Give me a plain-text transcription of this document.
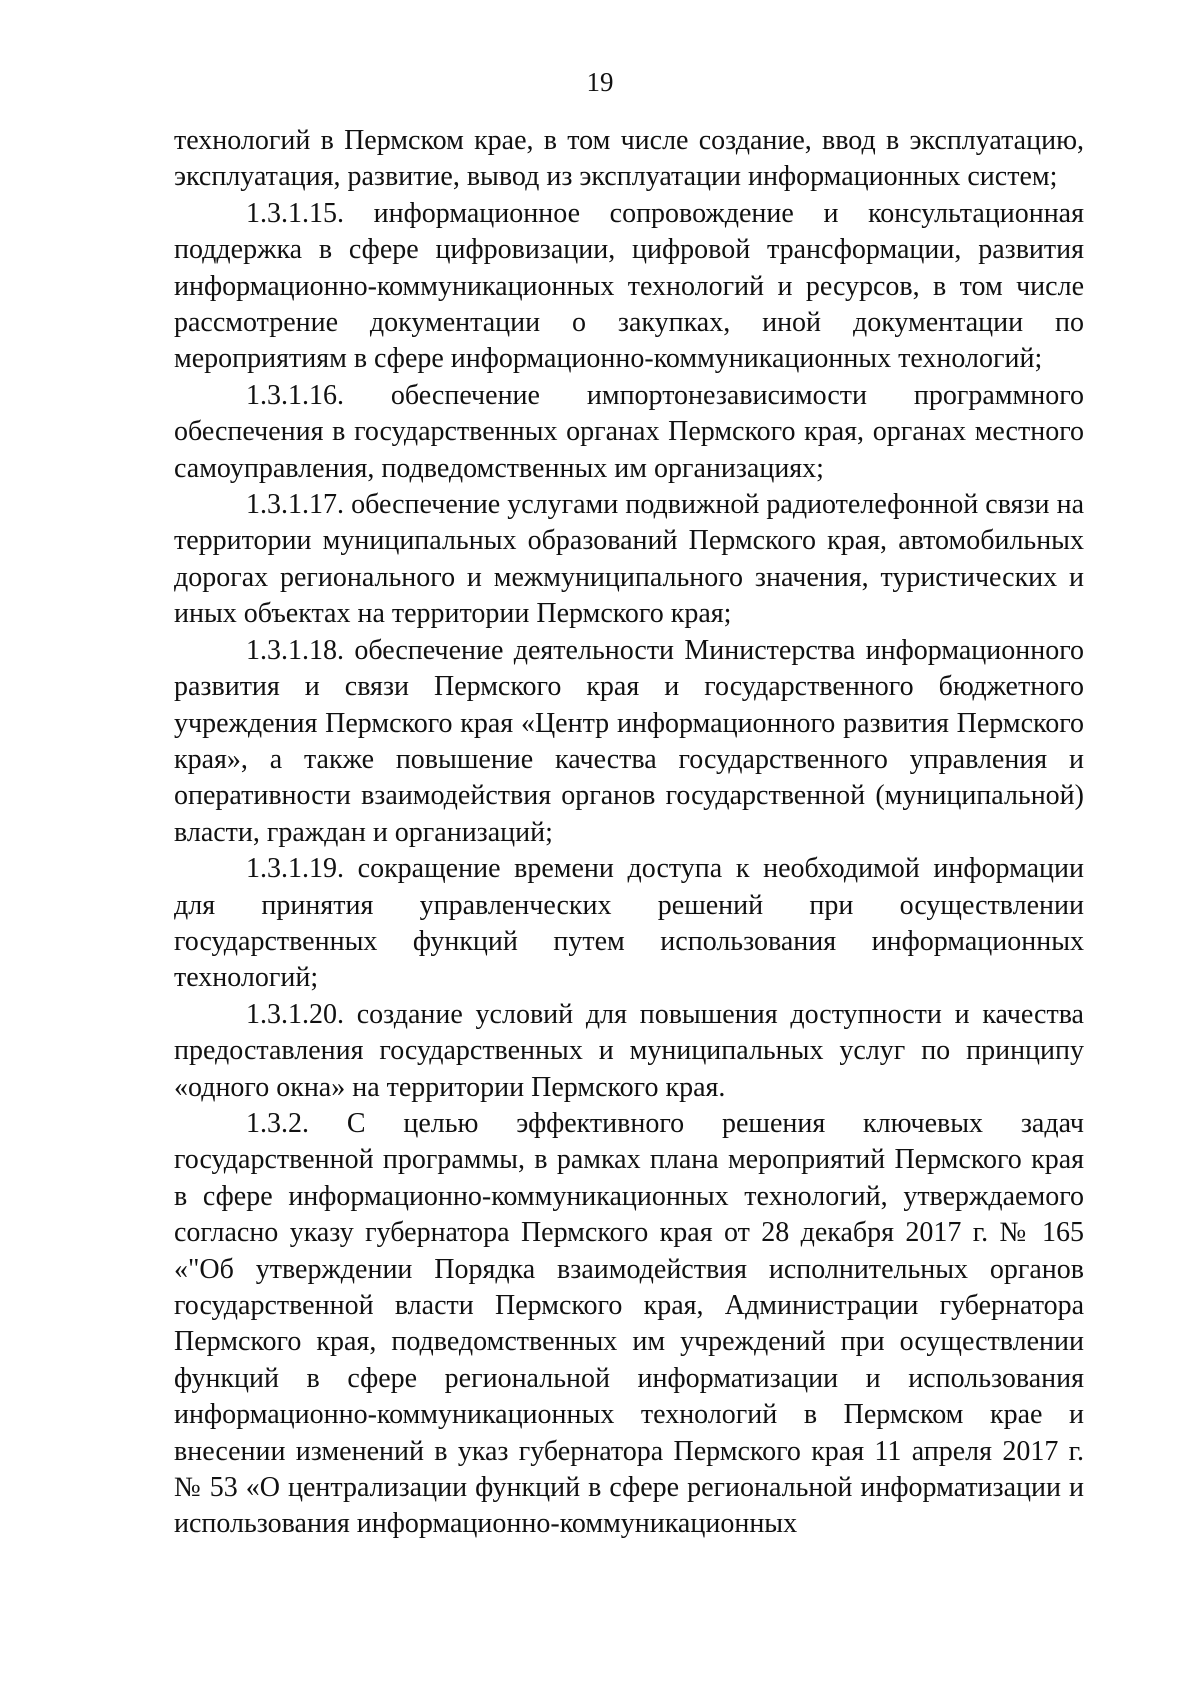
19

технологий в Пермском крае, в том числе создание, ввод в эксплуатацию, эксплуатация, развитие, вывод из эксплуатации информационных систем;

1.3.1.15. информационное сопровождение и консультационная поддержка в сфере цифровизации, цифровой трансформации, развития информационно-коммуникационных технологий и ресурсов, в том числе рассмотрение документации о закупках, иной документации по мероприятиям в сфере информационно-коммуникационных технологий;

1.3.1.16. обеспечение импортонезависимости программного обеспечения в государственных органах Пермского края, органах местного самоуправления, подведомственных им организациях;

1.3.1.17. обеспечение услугами подвижной радиотелефонной связи на территории муниципальных образований Пермского края, автомобильных дорогах регионального и межмуниципального значения, туристических и иных объектах на территории Пермского края;

1.3.1.18. обеспечение деятельности Министерства информационного развития и связи Пермского края и государственного бюджетного учреждения Пермского края «Центр информационного развития Пермского края», а также повышение качества государственного управления и оперативности взаимодействия органов государственной (муниципальной) власти, граждан и организаций;

1.3.1.19. сокращение времени доступа к необходимой информации для принятия управленческих решений при осуществлении государственных функций путем использования информационных технологий;

1.3.1.20. создание условий для повышения доступности и качества предоставления государственных и муниципальных услуг по принципу «одного окна» на территории Пермского края.

1.3.2. С целью эффективного решения ключевых задач государственной программы, в рамках плана мероприятий Пермского края в сфере информационно-коммуникационных технологий, утверждаемого согласно указу губернатора Пермского края от 28 декабря 2017 г. № 165 «"Об утверждении Порядка взаимодействия исполнительных органов государственной власти Пермского края, Администрации губернатора Пермского края, подведомственных им учреждений при осуществлении функций в сфере региональной информатизации и использования информационно-коммуникационных технологий в Пермском крае и внесении изменений в указ губернатора Пермского края 11 апреля 2017 г. № 53 «О централизации функций в сфере региональной информатизации и использования информационно-коммуникационных
